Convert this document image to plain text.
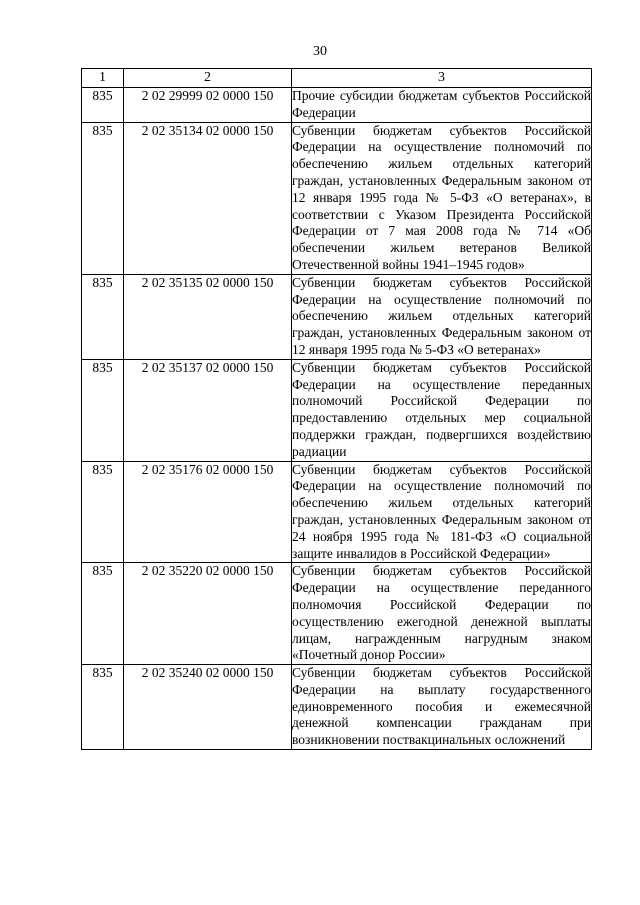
30
1	2	3
835	2 02 29999 02 0000 150	Прочие субсидии бюджетам субъектов Российской Федерации
835	2 02 35134 02 0000 150	Субвенции бюджетам субъектов Российской Федерации на осуществление полномочий по обеспечению жильем отдельных категорий граждан, установленных Федеральным законом от 12 января 1995 года № 5-ФЗ «О ветеранах», в соответствии с Указом Президента Российской Федерации от 7 мая 2008 года № 714 «Об обеспечении жильем ветеранов Великой Отечественной войны 1941–1945 годов»
835	2 02 35135 02 0000 150	Субвенции бюджетам субъектов Российской Федерации на осуществление полномочий по обеспечению жильем отдельных категорий граждан, установленных Федеральным законом от 12 января 1995 года № 5-ФЗ «О ветеранах»
835	2 02 35137 02 0000 150	Субвенции бюджетам субъектов Российской Федерации на осуществление переданных полномочий Российской Федерации по предоставлению отдельных мер социальной поддержки граждан, подвергшихся воздействию радиации
835	2 02 35176 02 0000 150	Субвенции бюджетам субъектов Российской Федерации на осуществление полномочий по обеспечению жильем отдельных категорий граждан, установленных Федеральным законом от 24 ноября 1995 года № 181-ФЗ «О социальной защите инвалидов в Российской Федерации»
835	2 02 35220 02 0000 150	Субвенции бюджетам субъектов Российской Федерации на осуществление переданного полномочия Российской Федерации по осуществлению ежегодной денежной выплаты лицам, награжденным нагрудным знаком «Почетный донор России»
835	2 02 35240 02 0000 150	Субвенции бюджетам субъектов Российской Федерации на выплату государственного единовременного пособия и ежемесячной денежной компенсации гражданам при возникновении поствакцинальных осложнений
